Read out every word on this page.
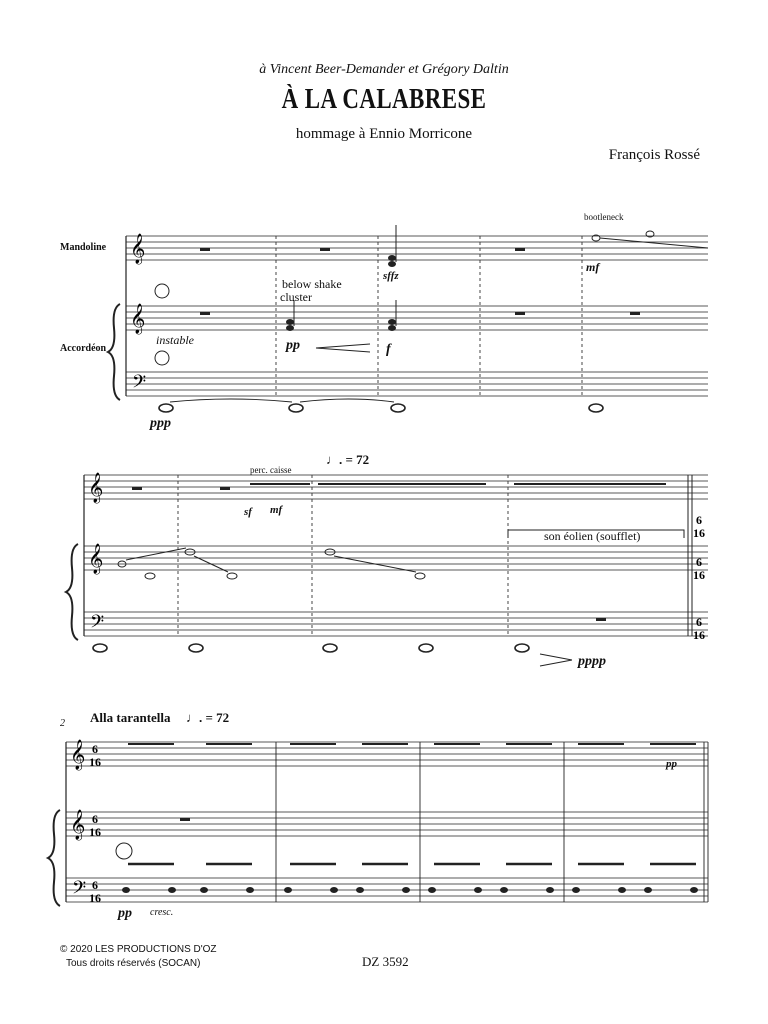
à Vincent Beer-Demander et Grégory Daltin
À LA CALABRESE
hommage à Ennio Morricone
François Rossé
𝄞
𝄞
𝄢
𝄞
𝄞
𝄢
6
16
6
16
6
16
𝄞
𝄞
𝄢
6
16
6
16
6
16
Mandoline
Accordéon
bootleneck
below shake
cluster
instable
sffz
mf
pp	f
ppp
♩. = 72
perc. caisse
sf mf
son éolien (soufflet)
pppp
2 Alla tarantella ♩. = 72
pp
pp cresc.
© 2020 LES PRODUCTIONS D'OZ
Tous droits réservés (SOCAN)	DZ 3592
